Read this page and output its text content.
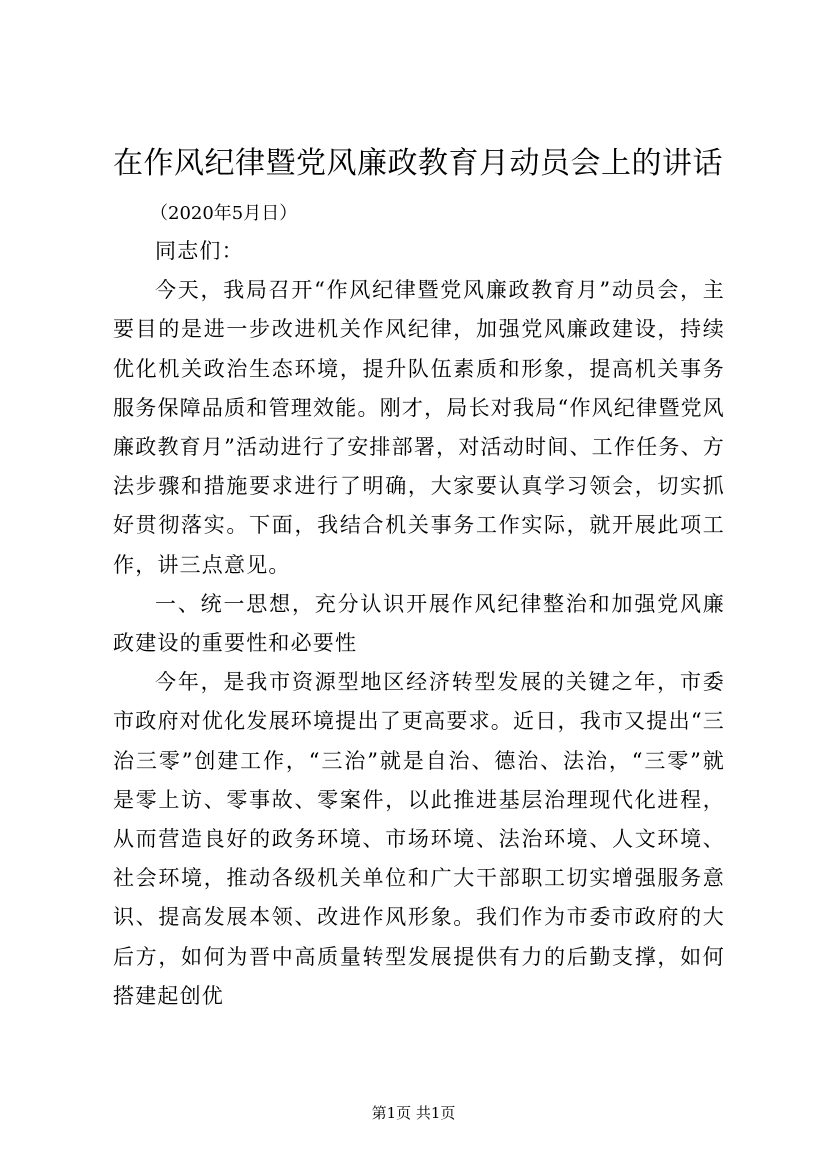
在作风纪律暨党风廉政教育月动员会上的讲话
（2020年5月日）

同志们：

今天，我局召开“作风纪律暨党风廉政教育月”动员会，主要目的是进一步改进机关作风纪律，加强党风廉政建设，持续优化机关政治生态环境，提升队伍素质和形象，提高机关事务服务保障品质和管理效能。刚才，局长对我局“作风纪律暨党风廉政教育月”活动进行了安排部署，对活动时间、工作任务、方法步骤和措施要求进行了明确，大家要认真学习领会，切实抓好贯彻落实。下面，我结合机关事务工作实际，就开展此项工作，讲三点意见。

一、统一思想，充分认识开展作风纪律整治和加强党风廉政建设的重要性和必要性

今年，是我市资源型地区经济转型发展的关键之年，市委市政府对优化发展环境提出了更高要求。近日，我市又提出“三治三零”创建工作，“三治”就是自治、德治、法治，“三零”就是零上访、零事故、零案件，以此推进基层治理现代化进程，从而营造良好的政务环境、市场环境、法治环境、人文环境、社会环境，推动各级机关单位和广大干部职工切实增强服务意识、提高发展本领、改进作风形象。我们作为市委市政府的大后方，如何为晋中高质量转型发展提供有力的后勤支撑，如何搭建起创优

第1页 共1页
